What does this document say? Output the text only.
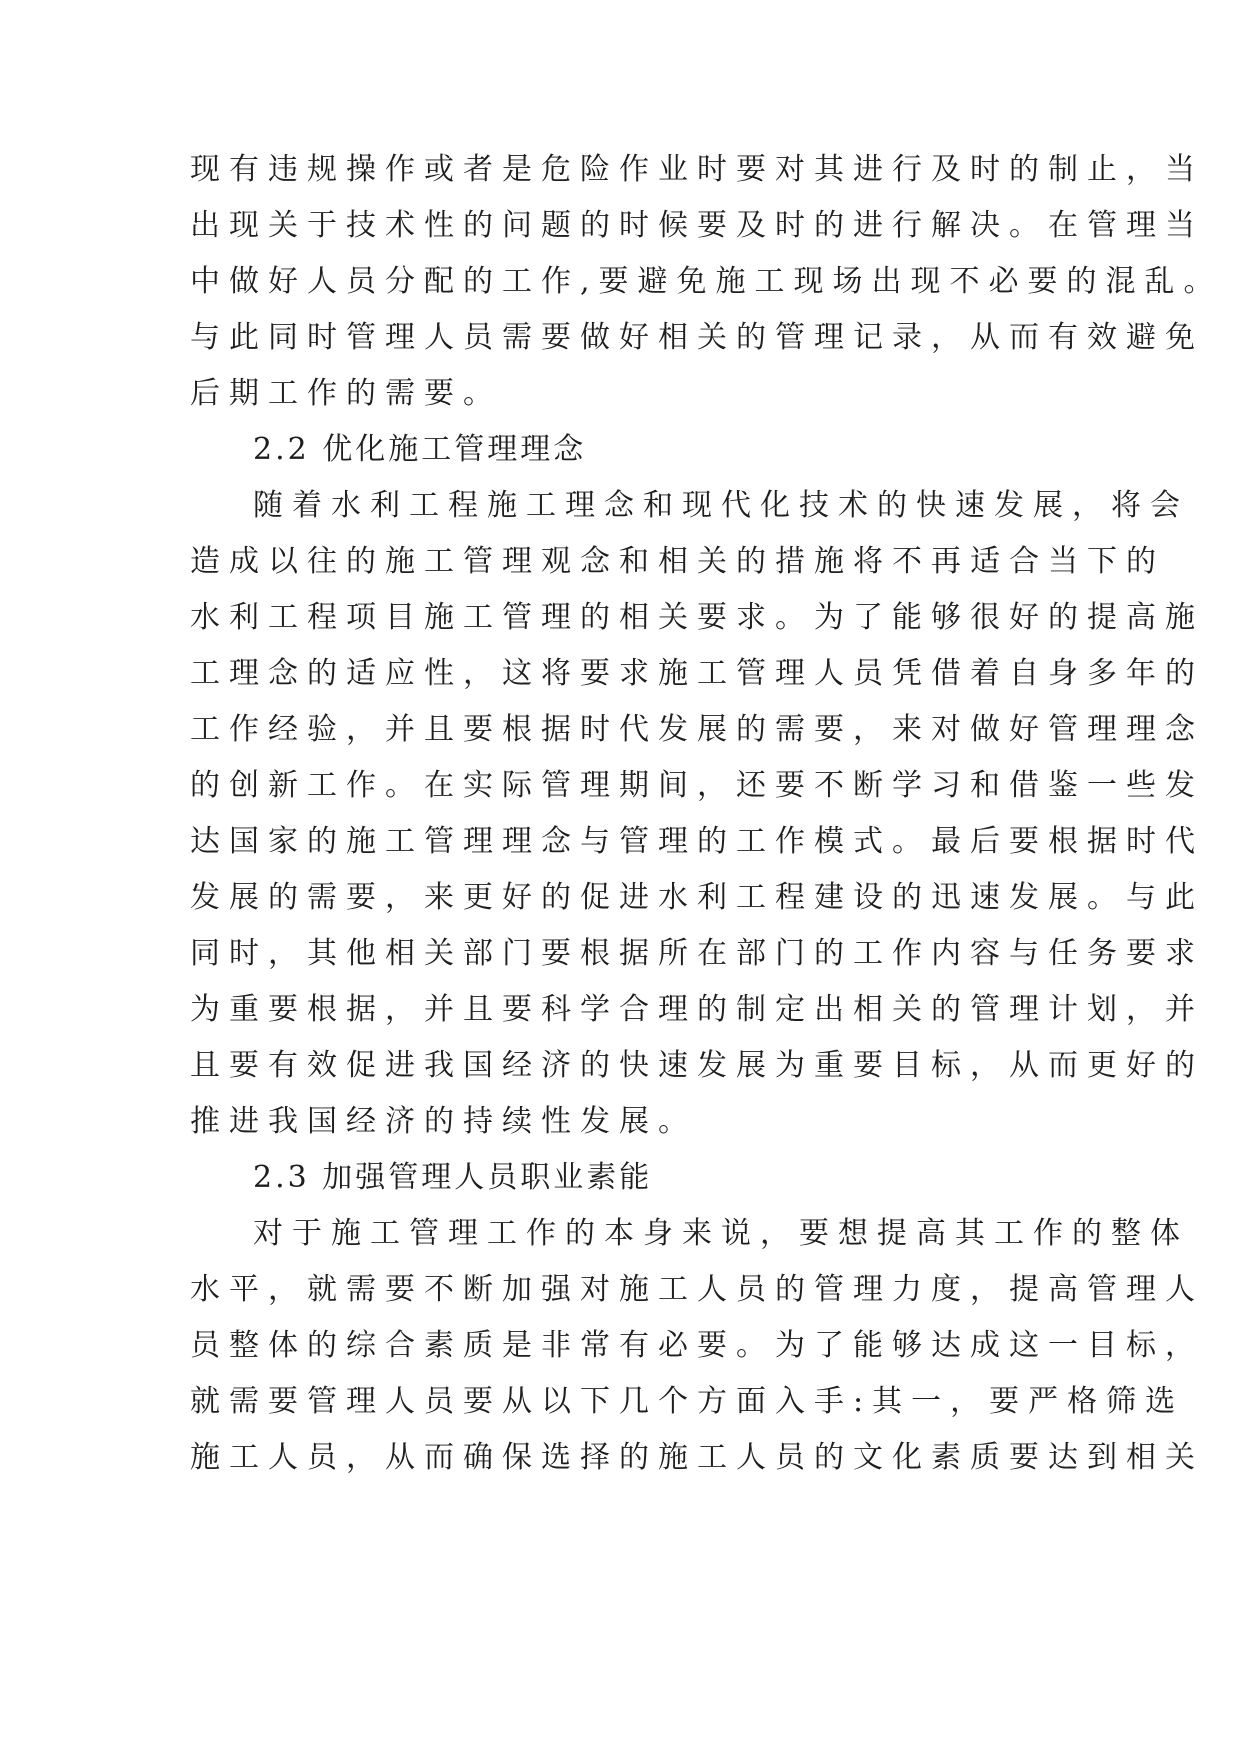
现有违规操作或者是危险作业时要对其进行及时的制止，当
出现关于技术性的问题的时候要及时的进行解决。在管理当
中做好人员分配的工作,要避免施工现场出现不必要的混乱。
与此同时管理人员需要做好相关的管理记录，从而有效避免
后期工作的需要。
2.2 优化施工管理理念
随着水利工程施工理念和现代化技术的快速发展，将会
造成以往的施工管理观念和相关的措施将不再适合当下的
水利工程项目施工管理的相关要求。为了能够很好的提高施
工理念的适应性，这将要求施工管理人员凭借着自身多年的
工作经验，并且要根据时代发展的需要，来对做好管理理念
的创新工作。在实际管理期间，还要不断学习和借鉴一些发
达国家的施工管理理念与管理的工作模式。最后要根据时代
发展的需要，来更好的促进水利工程建设的迅速发展。与此
同时，其他相关部门要根据所在部门的工作内容与任务要求
为重要根据，并且要科学合理的制定出相关的管理计划，并
且要有效促进我国经济的快速发展为重要目标，从而更好的
推进我国经济的持续性发展。
2.3 加强管理人员职业素能
对于施工管理工作的本身来说，要想提高其工作的整体
水平，就需要不断加强对施工人员的管理力度，提高管理人
员整体的综合素质是非常有必要。为了能够达成这一目标，
就需要管理人员要从以下几个方面入手:其一，要严格筛选
施工人员，从而确保选择的施工人员的文化素质要达到相关
